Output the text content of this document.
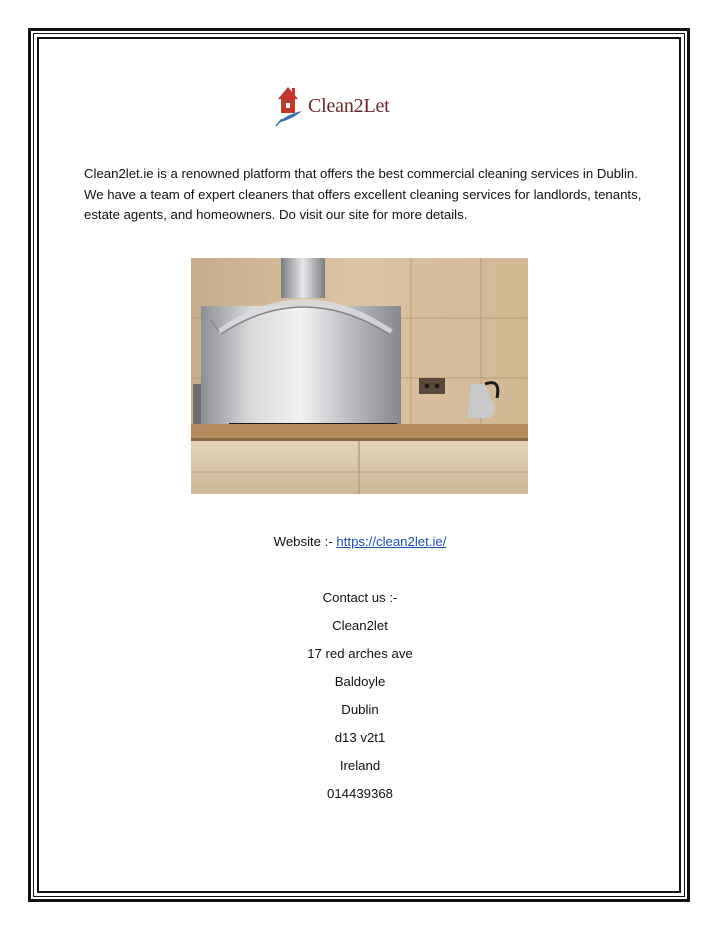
Clean2Let

Clean2let.ie is a renowned platform that offers the best commercial cleaning services in Dublin. We have a team of expert cleaners that offers excellent cleaning services for landlords, tenants, estate agents, and homeowners. Do visit our site for more details.

Website :- https://clean2let.ie/
Contact us :-
Clean2let
17 red arches ave
Baldoyle
Dublin
d13 v2t1
Ireland
014439368
